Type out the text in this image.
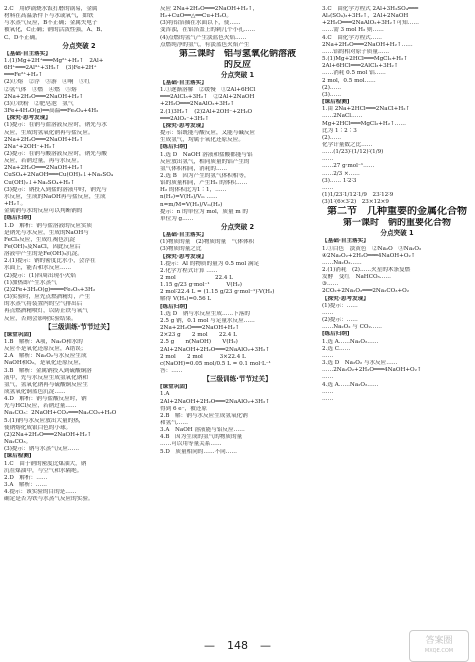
2.C　用砂锅烧水饭打磨的锅易，金属

材料在高温条件下与水或氧气，如铁

与水蒸气反应，B不正确；金属失电子

被氧化，C正确；钠的活泼性强，A、B、

C、D不正确。

分点突破 2

【基础·自主落实】

1.(1)Mg+2H⁺═══Mg²⁺+H₂↑　2Al+

6H⁺═══2Al³⁺+3H₂↑　(3)Fe+2H⁺

═══Fe²⁺+H₂↑

(2)①熔　②浮　③游　④响　⑤红

②氢气体　③燃　④燃　⑤熔

2Na+2H₂O═══2NaOH+H₂↑

(3)①铁粉　②肥皂泡　氢气

3Fe+4H₂O(g)══高温══Fe₃O₄+4H₂

【探究·思考发现】

(1)提示：在钠与盐溶液反应时，钠先与水

反应，生成的氢氧化钠再与盐反应。

2Na+2H₂O═══2NaOH+H₂↑

2Na⁺+2OH⁻+H₂↑

(2)提示：在钠与酸溶液反应时，钠先与酸

反应，若钠过量，再与水反应。

2Na+2H₂O═══2NaOH+H₂↑

CuSO₄+2NaOH═══Cu(OH)₂↓+Na₂SO₄

Cu(OH)₂↓+Na₂SO₄+H₂↑

(3)提示：钠投入到盐的溶液中时，钠先与

水反应，生成的NaOH再与盐反应，生成

+H₂↑。

金属钠与水的反应可以判断钠的

[练后归纳]

1.D　解析：钠与盐溶液的反应实质

是钠先与水反应，生成的NaOH与

FeCl₃反应，生成红褐色沉淀

Fe(OH)₃及NaCl，因此反应后

溶液中产生的是Fe(OH)₃沉淀。

2.(1)提示：钠的密度比水小，会浮在

水面上，能否和水反应……

(2)提示：(1)四周出现小火焰

(1)加热即产生水蒸气

(2)2Fe+3H₂O(g)════Fe₂O₃+3H₂

(3)实验时，应先点燃酒精灯，产生

的水蒸气将装置内的空气排出后

再点燃酒精喷灯，以防止铁与氧气

反应，否则会影响实验结果。

【三级训练·节节过关】

[课堂巩固]

1.B　解析：A项，Na₂O和水的

反应不是氧化还原反应，A错误；

2.A　解析：Na₂O₂与水反应生成

NaOH和O₂，是氧化还原反应，

3.B　解析：金属钠投入到硫酸铜溶

液中，先与水反应生成氢氧化钠和

氢气，氢氧化钠再与硫酸铜反应生

成氢氧化铜蓝色沉淀……

4.D　解析：钠与盐酸反应时，钠

先与HCl反应，若钠过量……

Na₂CO₃：2NaOH+CO₂═══Na₂CO₃+H₂O

5.(1)钠与水反应放出大量的热，

使钠熔化成银白色的小球。

(2)2Na+2H₂O═══2NaOH+H₂↑

Na₂CO₃。

(3)提示：钠与水蒸气反应……

[课后检测]

1.C　由于钠的密度比煤油大，钠

沉在煤油中，与空气和水隔绝。

2.D　解析：……

3.A　解析：……

4.提示：该实验的目的是……

确定是否为铁与水蒸气反应的实验。

反应 2Na+2H₂O═══2NaOH+H₂↑，

H₂+CuO══△══Cu+H₂O。

(3)将铝箔插在水面以下，使……

变浑浊，在铝箔盖上的刺几个小孔……

(4)点燃的氢气产生淡蓝色火焰……

点燃纯净的氢气，有淡蓝色火焰产生

第三课时　铝与氢氧化钠溶液

的反应

分点突破 1

【基础·自主落实】

1.①逐渐溶解　②缓慢　①2Al+6HCl

═══2AlCl₃+3H₂↑　②2Al+2NaOH

+2H₂O═══2NaAlO₂+3H₂↑

2.(1)3H₂↑　(2)2Al+2OH⁻+2H₂O

═══2AlO₂⁻+3H₂↑

【探究·思考发现】

提示：铝既能与酸反应，又能与碱反应

生成氢气，均属于氧化还原反应。

[练后归纳]

1.选 D　NaOH 溶液和盐酸都能与铝

反应放出氢气，相同质量的铝产生的

氢气体积相同，消耗的……

2.选 B　因为产生的氢气体积相等，

铝的质量相同，产生H₂ 的体积……

H₂ 的体积比为1∶1，……

n(H₂)=V(H₂)/Vₘ ……

n=m/M=V(H₂)/Vₘ(H₂)

提示：n 的单位为 mol，质量 m 的

单位为 g……

分点突破 2

【基础·自主落实】

(1)物质的量　(2)物质的量　气体体积

(3)物质的量之比

【探究·思考发现】

1.提示：Al 的物质的量为 0.5 mol 满足

2.化学方程式计算 ……

2 mol　　　　　　　22.4 L

1.15 g/23 g·mol⁻¹　　　V(H₂)

2 mol∶22.4 L = (1.15 g/23 g·mol⁻¹)∶V(H₂)

解得 V(H₂)=0.56 L

[练后归纳]

1.选 D　钠与水反应生成……下落的

2.5 g 钠，0.1 mol 与足量水反应……

2Na+2H₂O═══2NaOH+H₂↑

2×23 g　　2 mol　　22.4 L

2.5 g　　n(NaOH)　　V(H₂)

2Al+2NaOH+2H₂O═══2NaAlO₂+3H₂↑

2 mol　　2 mol　　　3×22.4 L

c(NaOH)=0.05 mol/0.5 L = 0.1 mol·L⁻¹

答：……

【三级训练·节节过关】

[课堂巩固]

1.A

2Al+2NaOH+2H₂O═══2NaAlO₂+3H₂↑

得到 6 e⁻，被还原

2.B　解：钠与水反应生成氢氧化钠

和氢气……

3.A　NaOH 溶液能与铝反应……

4.B　因为生成的氢气的物质的量

……可以用等量关系……

5.D　质量相同的……不同……

3.C　由化学方程式 2Al+3H₂SO₄═══

Al₂(SO₄)₃+3H₂↑，2Al+2NaOH

+2H₂O═══2NaAlO₂+3H₂↑可知……

……需 3 mol H₂ 则……

4.C　由化学方程式……

2Na+2H₂O═══2NaOH+H₂↑……

……铝的相对原子质量……

5.(1)Mg+2HCl═══MgCl₂+H₂↑

2Al+6HCl═══2AlCl₃+3H₂↑

……消耗 0.5 mol 铝……

2 mol，0.5 mol……

(2)……

(3)……

[课后检测]

1.由 2Na+2HCl═══2NaCl+H₂↑

……2NaCl……

Mg+2HCl═══MgCl₂+H₂↑……

比为 1∶2∶3

(2)……

化学计量数之比……

……(1/23)∶(1/12)∶(1/9)

……

……27 g·mol⁻¹……

……2/3 ×……

(3)…… 1∶2∶3

……

(1)1/23∶1/12∶1/9　23∶12∶9

(3)1∶(6×3∶2)　23×12×9

第二节　几种重要的金属化合物

第一课时　钠的重要化合物

分点突破 1

【基础·自主落实】

1.①白色　淡黄色　②Na₂O　③Na₂O₂

④2Na₂O₂+2H₂O═══4NaOH+O₂↑

……Na₂O₂……

2.(1)消耗　(2)……火星的木条复燃

发酵　变红　NaHCO₃……

③……

2CO₂+2Na₂O₂═══2Na₂CO₃+O₂

【探究·思考发现】

(1)提示：……

……

(2)提示：……

……Na₂O₂ 与 CO₂……

[练后归纳]

1.选 A……Na₂O₂……

2.选 C……

……

3.选 D　Na₂O₂ 与水反应……

……2Na₂O₂+2H₂O═══4NaOH+O₂↑

……

4.选 A……Na₂O₂……

……

……

— 148 —	答案圈
MXQE.COM
